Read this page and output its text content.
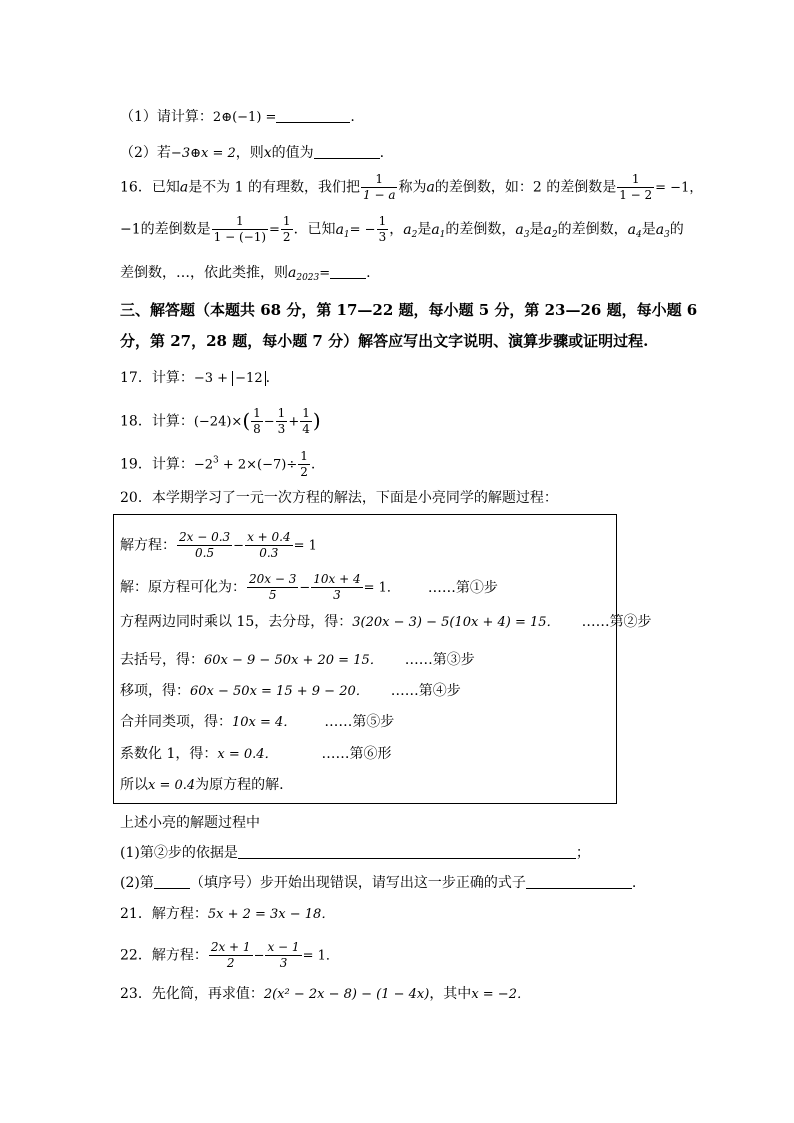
（1）请计算：2⊕(−1) =	.
（2）若−3⊕x = 2，则x的值为	.
16．已知a是不为 1 的有理数，我们把 $\frac{1}{1 - a}$ 称为a的差倒数，如：2 的差倒数是 $\frac{1}{1 - 2} = -1$，
−1的差倒数是 $\frac{1}{1 - (-1)} = \frac{1}{2}$ ．已知$a_1= - \frac{1}{3}$ ，$a_2$是$a_1$的差倒数，$a_3$是$a_2$的差倒数，$a_4$是$a_3$的
差倒数，…，依此类推，则$a_{2023}=$	.
三、解答题（本题共 68 分，第 17—22 题，每小题 5 分，第 23—26 题，每小题 6
分，第 27，28 题，每小题 7 分）解答应写出文字说明、演算步骤或证明过程.
17．计算：−3 + −12 .
18．计算：$(-24)\times( \frac{1}{8} - \frac{1}{3} + \frac{1}{4}$ )
19．计算：$-2^3 + 2\times(-7)\div \frac{1}{2}$ .
20．本学期学习了一元一次方程的解法，下面是小亮同学的解题过程：
解方程： $\frac{2x - 0.3}{0.5} - \frac{x + 0.4}{0.3} = 1$
解：原方程可化为： $\frac{20x - 3}{5} - \frac{10x + 4}{3} = 1$． ……第①步
方程两边同时乘以 15，去分母，得：3(20x − 3) − 5(10x + 4) = 15． ……第②步
去括号，得：60x − 9 − 50x + 20 = 15． ……第③步
移项，得：60x − 50x = 15 + 9 − 20． ……第④步
合并同类项，得：10x = 4． ……第⑤步
系数化 1，得：x = 0.4．	……第⑥形
所以x = 0.4为原方程的解.
上述小亮的解题过程中
(1)第②步的依据是	；
(2)第	（填序号）步开始出现错误，请写出这一步正确的式子	.
21．解方程：5x + 2 = 3x − 18．
22．解方程： $\frac{2x + 1}{2} - \frac{x - 1}{3} = 1$．
23．先化简，再求值：2(x² − 2x − 8) − (1 − 4x)，其中x = −2．
